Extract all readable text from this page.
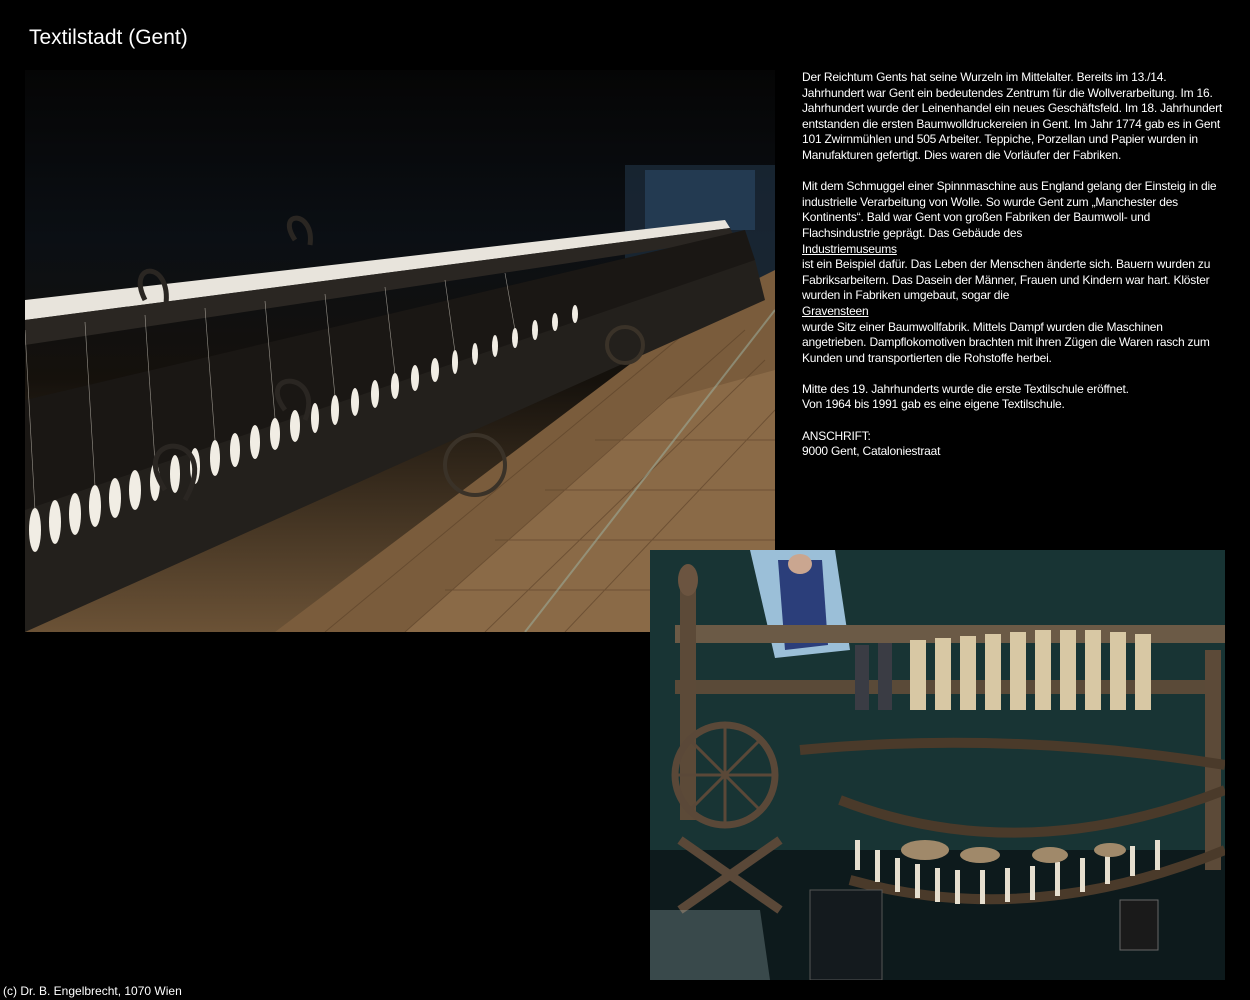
Textilstadt (Gent)

Der Reichtum Gents hat seine Wurzeln im Mittelalter. Bereits im 13./14. Jahrhundert war Gent ein bedeutendes Zentrum für die Wollverarbeitung. Im 16. Jahrhundert wurde der Leinenhandel ein neues Geschäftsfeld. Im 18. Jahrhundert entstanden die ersten Baumwolldruckereien in Gent. Im Jahr 1774 gab es in Gent 101 Zwirnmühlen und 505 Arbeiter. Teppiche, Porzellan und Papier wurden in Manufakturen gefertigt. Dies waren die Vorläufer der Fabriken.

Mit dem Schmuggel einer Spinnmaschine aus England gelang der Einsteig in die industrielle Verarbeitung von Wolle. So wurde Gent zum „Manchester des Kontinents“. Bald war Gent von großen Fabriken der Baumwoll- und Flachsindustrie geprägt. Das Gebäude des
Industriemuseums
ist ein Beispiel dafür. Das Leben der Menschen änderte sich. Bauern wurden zu Fabriksarbeitern. Das Dasein der Männer, Frauen und Kindern war hart. Klöster wurden in Fabriken umgebaut, sogar die
Gravensteen
wurde Sitz einer Baumwollfabrik. Mittels Dampf wurden die Maschinen angetrieben. Dampflokomotiven brachten mit ihren Zügen die Waren rasch zum Kunden und transportierten die Rohstoffe herbei.

Mitte des 19. Jahrhunderts wurde die erste Textilschule eröffnet.
Von 1964 bis 1991 gab es eine eigene Textilschule.

ANSCHRIFT:

9000 Gent, Cataloniestraat

(c) Dr. B. Engelbrecht, 1070 Wien
